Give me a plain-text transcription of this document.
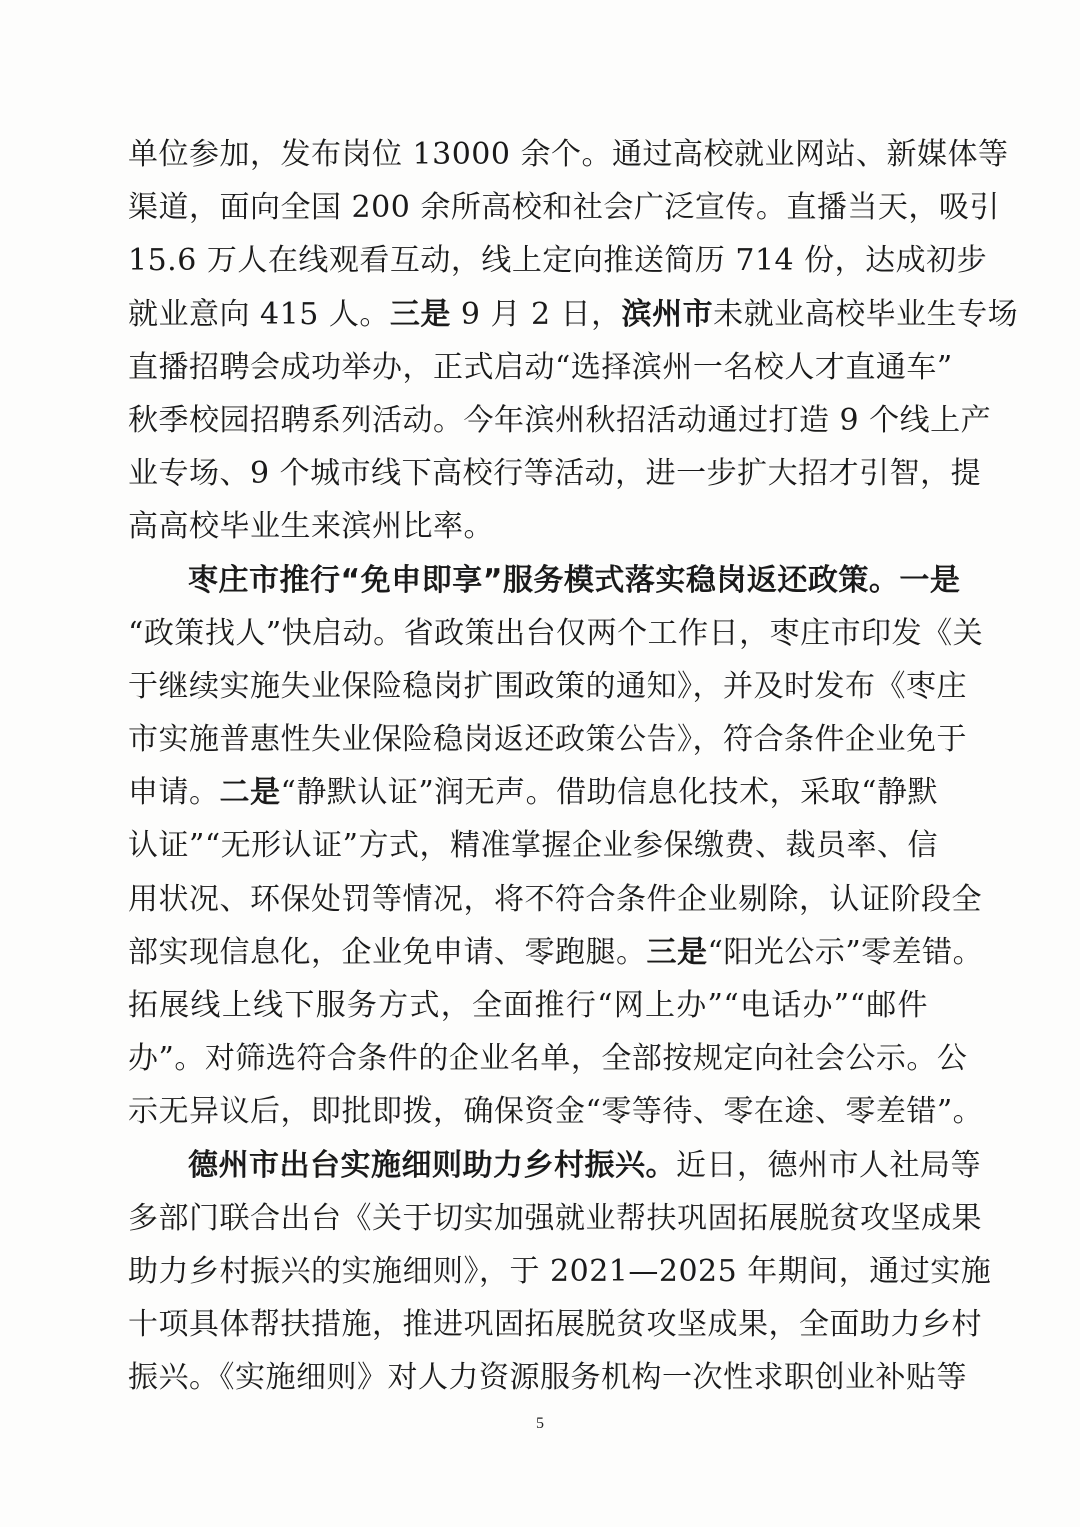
单位参加，发布岗位 13000 余个。通过高校就业网站、新媒体等
渠道，面向全国 200 余所高校和社会广泛宣传。直播当天，吸引
15.6 万人在线观看互动，线上定向推送简历 714 份，达成初步
就业意向 415 人。三是 9 月 2 日，滨州市未就业高校毕业生专场
直播招聘会成功举办，正式启动“选择滨州一名校人才直通车”
秋季校园招聘系列活动。今年滨州秋招活动通过打造 9 个线上产
业专场、9 个城市线下高校行等活动，进一步扩大招才引智，提
高高校毕业生来滨州比率。
枣庄市推行“免申即享”服务模式落实稳岗返还政策。一是
“政策找人”快启动。省政策出台仅两个工作日，枣庄市印发《关
于继续实施失业保险稳岗扩围政策的通知》，并及时发布《枣庄
市实施普惠性失业保险稳岗返还政策公告》，符合条件企业免于
申请。二是“静默认证”润无声。借助信息化技术，采取“静默
认证”“无形认证”方式，精准掌握企业参保缴费、裁员率、信
用状况、环保处罚等情况，将不符合条件企业剔除，认证阶段全
部实现信息化，企业免申请、零跑腿。三是“阳光公示”零差错。
拓展线上线下服务方式，全面推行“网上办”“电话办”“邮件
办”。对筛选符合条件的企业名单，全部按规定向社会公示。公
示无异议后，即批即拨，确保资金“零等待、零在途、零差错”。
德州市出台实施细则助力乡村振兴。近日，德州市人社局等
多部门联合出台《关于切实加强就业帮扶巩固拓展脱贫攻坚成果
助力乡村振兴的实施细则》，于 2021—2025 年期间，通过实施
十项具体帮扶措施，推进巩固拓展脱贫攻坚成果，全面助力乡村
振兴。《实施细则》对人力资源服务机构一次性求职创业补贴等
5
